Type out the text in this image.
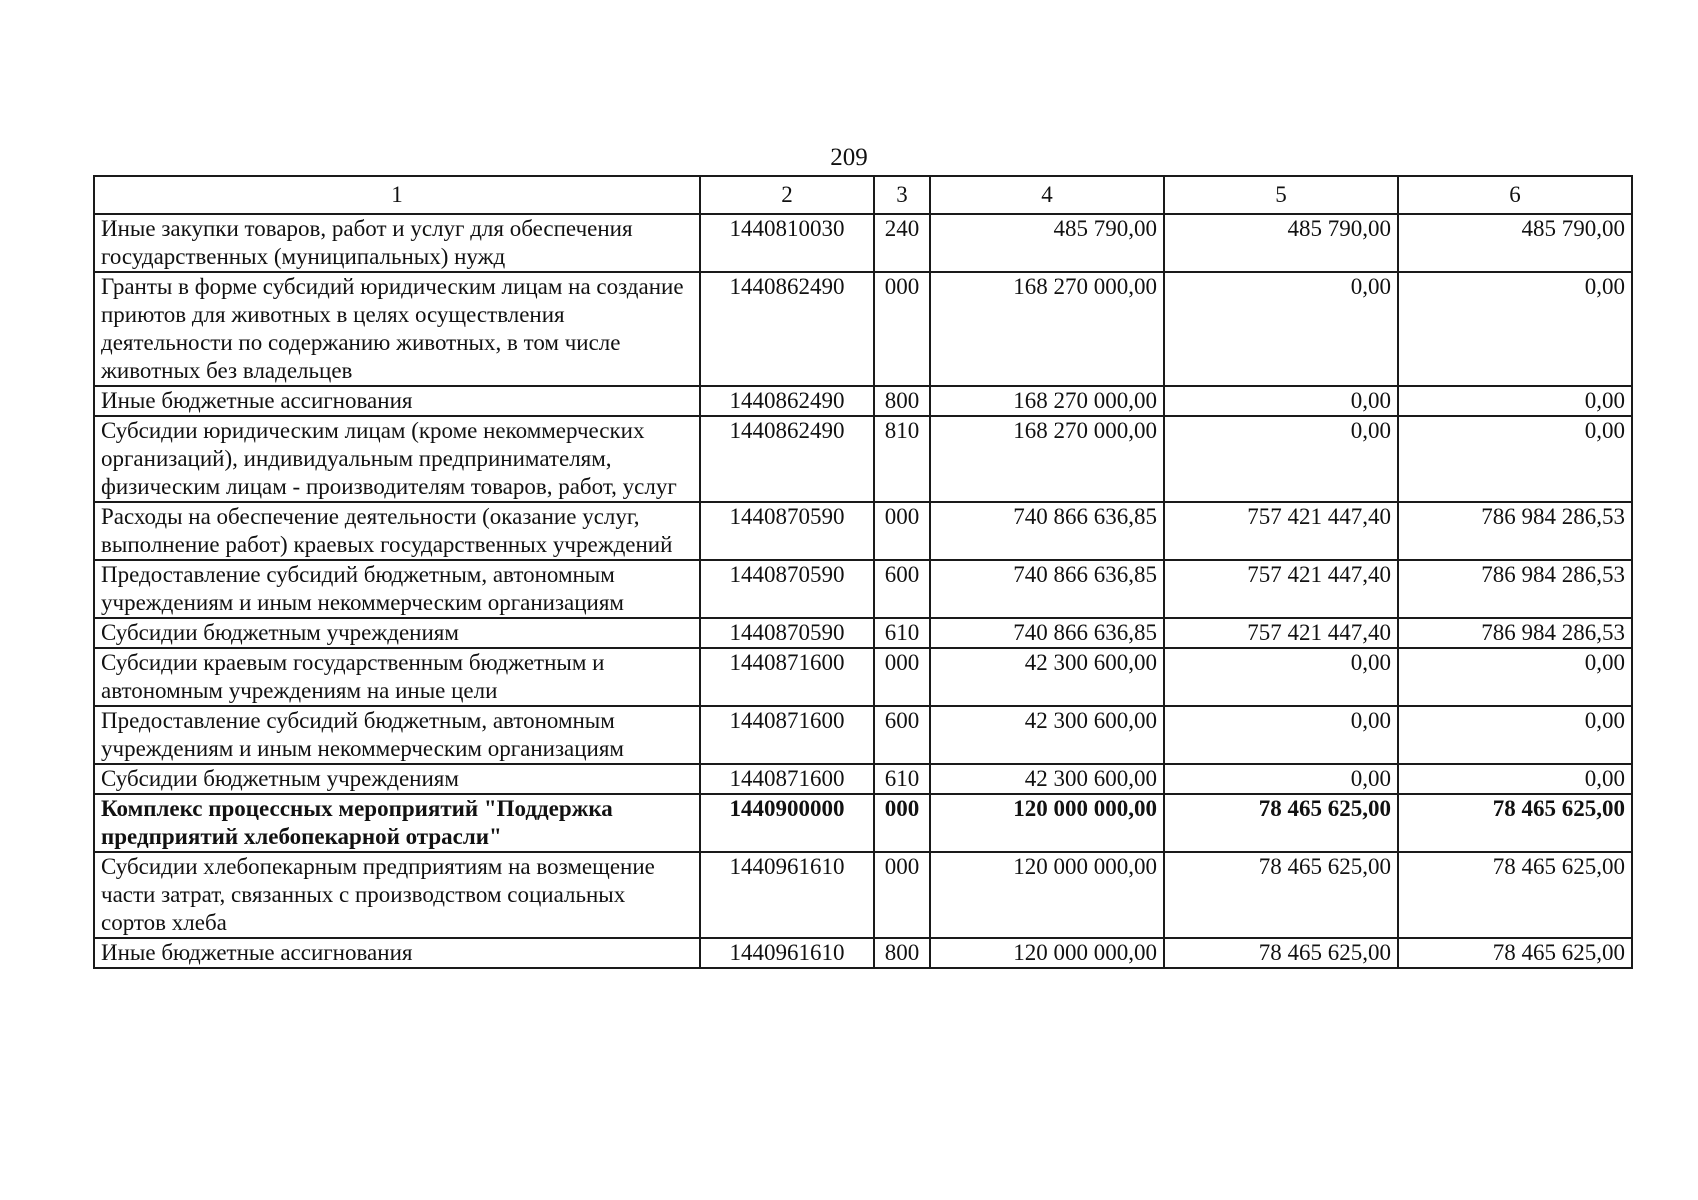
209
1	2	3	4	5	6
Иные закупки товаров, работ и услуг для обеспечения государственных (муниципальных) нужд	1440810030	240	485 790,00	485 790,00	485 790,00
Гранты в форме субсидий юридическим лицам на создание приютов для животных в целях осуществления деятельности по содержанию животных, в том числе животных без владельцев	1440862490	000	168 270 000,00	0,00	0,00
Иные бюджетные ассигнования	1440862490	800	168 270 000,00	0,00	0,00
Субсидии юридическим лицам (кроме некоммерческих организаций), индивидуальным предпринимателям, физическим лицам - производителям товаров, работ, услуг	1440862490	810	168 270 000,00	0,00	0,00
Расходы на обеспечение деятельности (оказание услуг, выполнение работ) краевых государственных учреждений	1440870590	000	740 866 636,85	757 421 447,40	786 984 286,53
Предоставление субсидий бюджетным, автономным учреждениям и иным некоммерческим организациям	1440870590	600	740 866 636,85	757 421 447,40	786 984 286,53
Субсидии бюджетным учреждениям	1440870590	610	740 866 636,85	757 421 447,40	786 984 286,53
Субсидии краевым государственным бюджетным и автономным учреждениям на иные цели	1440871600	000	42 300 600,00	0,00	0,00
Предоставление субсидий бюджетным, автономным учреждениям и иным некоммерческим организациям	1440871600	600	42 300 600,00	0,00	0,00
Субсидии бюджетным учреждениям	1440871600	610	42 300 600,00	0,00	0,00
Комплекс процессных мероприятий "Поддержка предприятий хлебопекарной отрасли"	1440900000	000	120 000 000,00	78 465 625,00	78 465 625,00
Субсидии хлебопекарным предприятиям на возмещение части затрат, связанных с производством социальных сортов хлеба	1440961610	000	120 000 000,00	78 465 625,00	78 465 625,00
Иные бюджетные ассигнования	1440961610	800	120 000 000,00	78 465 625,00	78 465 625,00
